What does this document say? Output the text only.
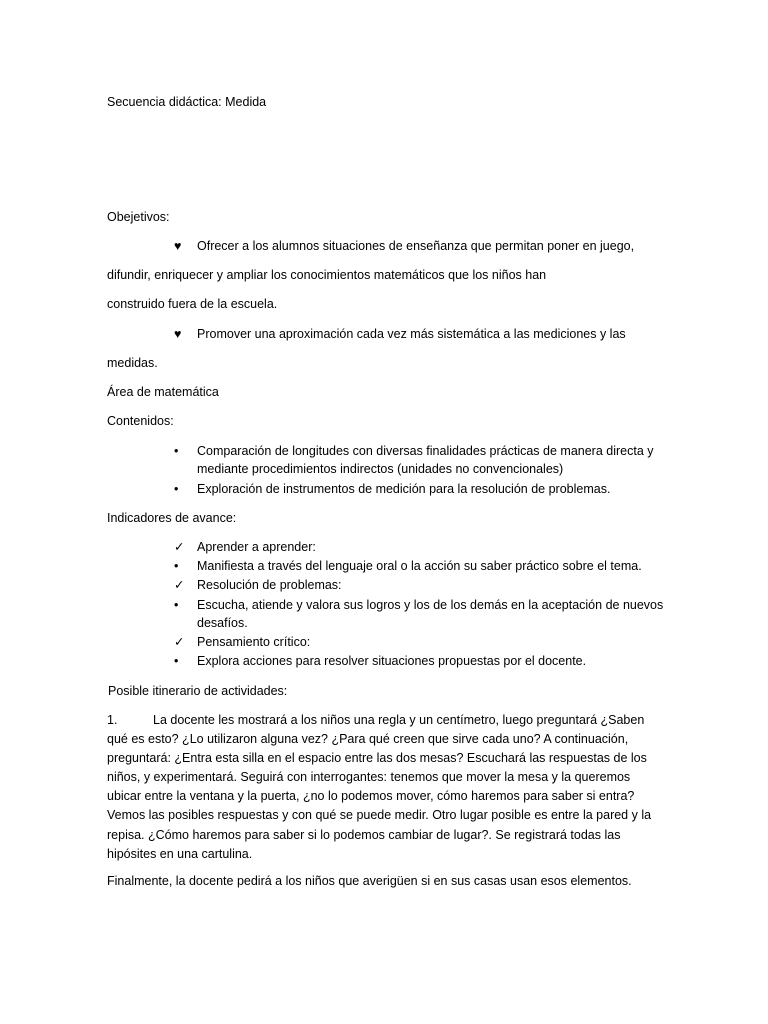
Secuencia didáctica: Medida
Obejetivos:
♥	Ofrecer a los alumnos situaciones de enseñanza que permitan poner en juego,
difundir, enriquecer y ampliar los conocimientos matemáticos que los niños han
construido fuera de la escuela.
♥	Promover una aproximación cada vez más sistemática a las mediciones y las
medidas.
Área de matemática
Contenidos:
•	Comparación de longitudes con diversas finalidades prácticas de manera directa y mediante procedimientos indirectos (unidades no convencionales)
•	Exploración de instrumentos de medición para la resolución de problemas.
Indicadores de avance:
✓	Aprender a aprender:
•	Manifiesta a través del lenguaje oral o la acción su saber práctico sobre el tema.
✓	Resolución de problemas:
•	Escucha, atiende y valora sus logros y los de los demás en la aceptación de nuevos desafíos.
✓	Pensamiento crítico:
•	Explora acciones para resolver situaciones propuestas por el docente.
Posible itinerario de actividades:
1.	La docente les mostrará a los niños una regla y un centímetro, luego preguntará ¿Saben
qué es esto? ¿Lo utilizaron alguna vez? ¿Para qué creen que sirve cada uno? A continuación, preguntará: ¿Entra esta silla en el espacio entre las dos mesas? Escuchará las respuestas de los niños, y experimentará. Seguirá con interrogantes: tenemos que mover la mesa y la queremos ubicar entre la ventana y la puerta, ¿no lo podemos mover, cómo haremos para saber si entra? Vemos las posibles respuestas y con qué se puede medir. Otro lugar posible es entre la pared y la repisa. ¿Cómo haremos para saber si lo podemos cambiar de lugar?. Se registrará todas las hipósites en una cartulina.
Finalmente, la docente pedirá a los niños que averigüen si en sus casas usan esos elementos.
